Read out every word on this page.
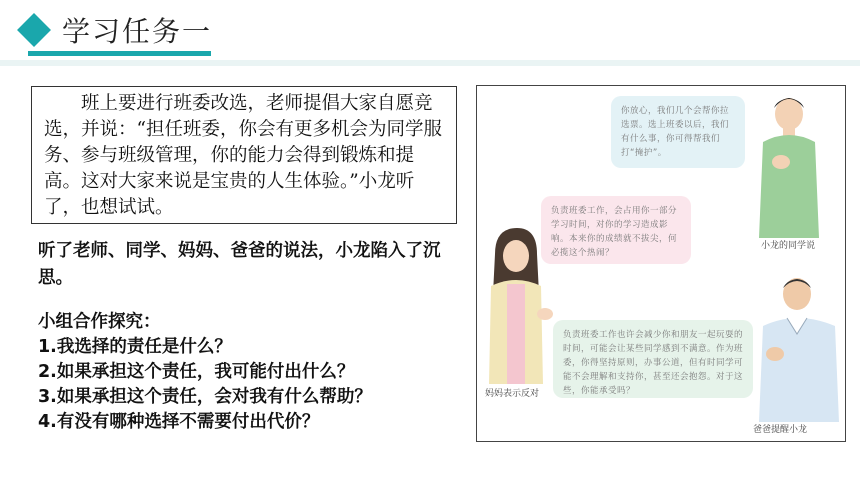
学习任务一
班上要进行班委改选，老师提倡大家自愿竞选，并说：“担任班委，你会有更多机会为同学服务、参与班级管理，你的能力会得到锻炼和提高。这对大家来说是宝贵的人生体验。”小龙听了，也想试试。
听了老师、同学、妈妈、爸爸的说法，小龙陷入了沉思。
小组合作探究：
1.我选择的责任是什么？
2.如果承担这个责任，我可能付出什么？
3.如果承担这个责任，会对我有什么帮助？
4.有没有哪种选择不需要付出代价？
你放心，我们几个会帮你拉选票。选上班委以后，我们有什么事，你可得帮我们打“掩护”。
负责班委工作，会占用你一部分学习时间，对你的学习造成影响。本来你的成绩就不拔尖，何必揽这个热闹？
负责班委工作也许会减少你和朋友一起玩耍的时间，可能会让某些同学感到不满意。作为班委，你得坚持原则，办事公道，但有时同学可能不会理解和支持你，甚至还会抱怨。对于这些，你能承受吗？
小龙的同学说
妈妈表示反对
爸爸提醒小龙
